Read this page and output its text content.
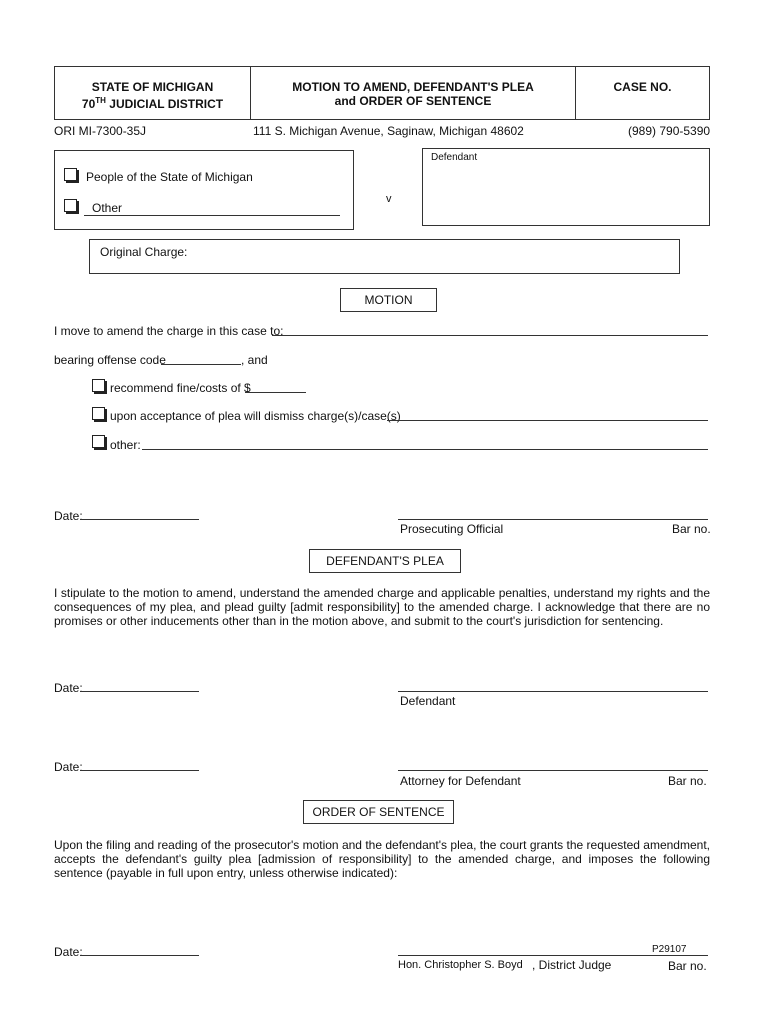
STATE OF MICHIGAN
70TH JUDICIAL DISTRICT
MOTION TO AMEND, DEFENDANT'S PLEA
and ORDER OF SENTENCE
CASE NO.
ORI MI-7300-35J	111 S. Michigan Avenue, Saginaw, Michigan 48602	(989) 790-5390
People of the State of Michigan
Other
v
Defendant
Original Charge:
MOTION
I move to amend the charge in this case to:
bearing offense code	, and
recommend fine/costs of $
upon acceptance of plea will dismiss charge(s)/case(s)
other:
Date:
Prosecuting Official	Bar no.
DEFENDANT'S PLEA
I stipulate to the motion to amend, understand the amended charge and applicable penalties, understand my rights and the consequences of my plea, and plead guilty [admit responsibility] to the amended charge. I acknowledge that there are no promises or other inducements other than in the motion above, and submit to the court's jurisdiction for sentencing.
Date:
Defendant
Date:
Attorney for Defendant	Bar no.
ORDER OF SENTENCE
Upon the filing and reading of the prosecutor's motion and the defendant's plea, the court grants the requested amendment, accepts the defendant's guilty plea [admission of responsibility] to the amended charge, and imposes the following sentence (payable in full upon entry, unless otherwise indicated):
Date:	P29107
Hon. Christopher S. Boyd , District Judge	Bar no.
